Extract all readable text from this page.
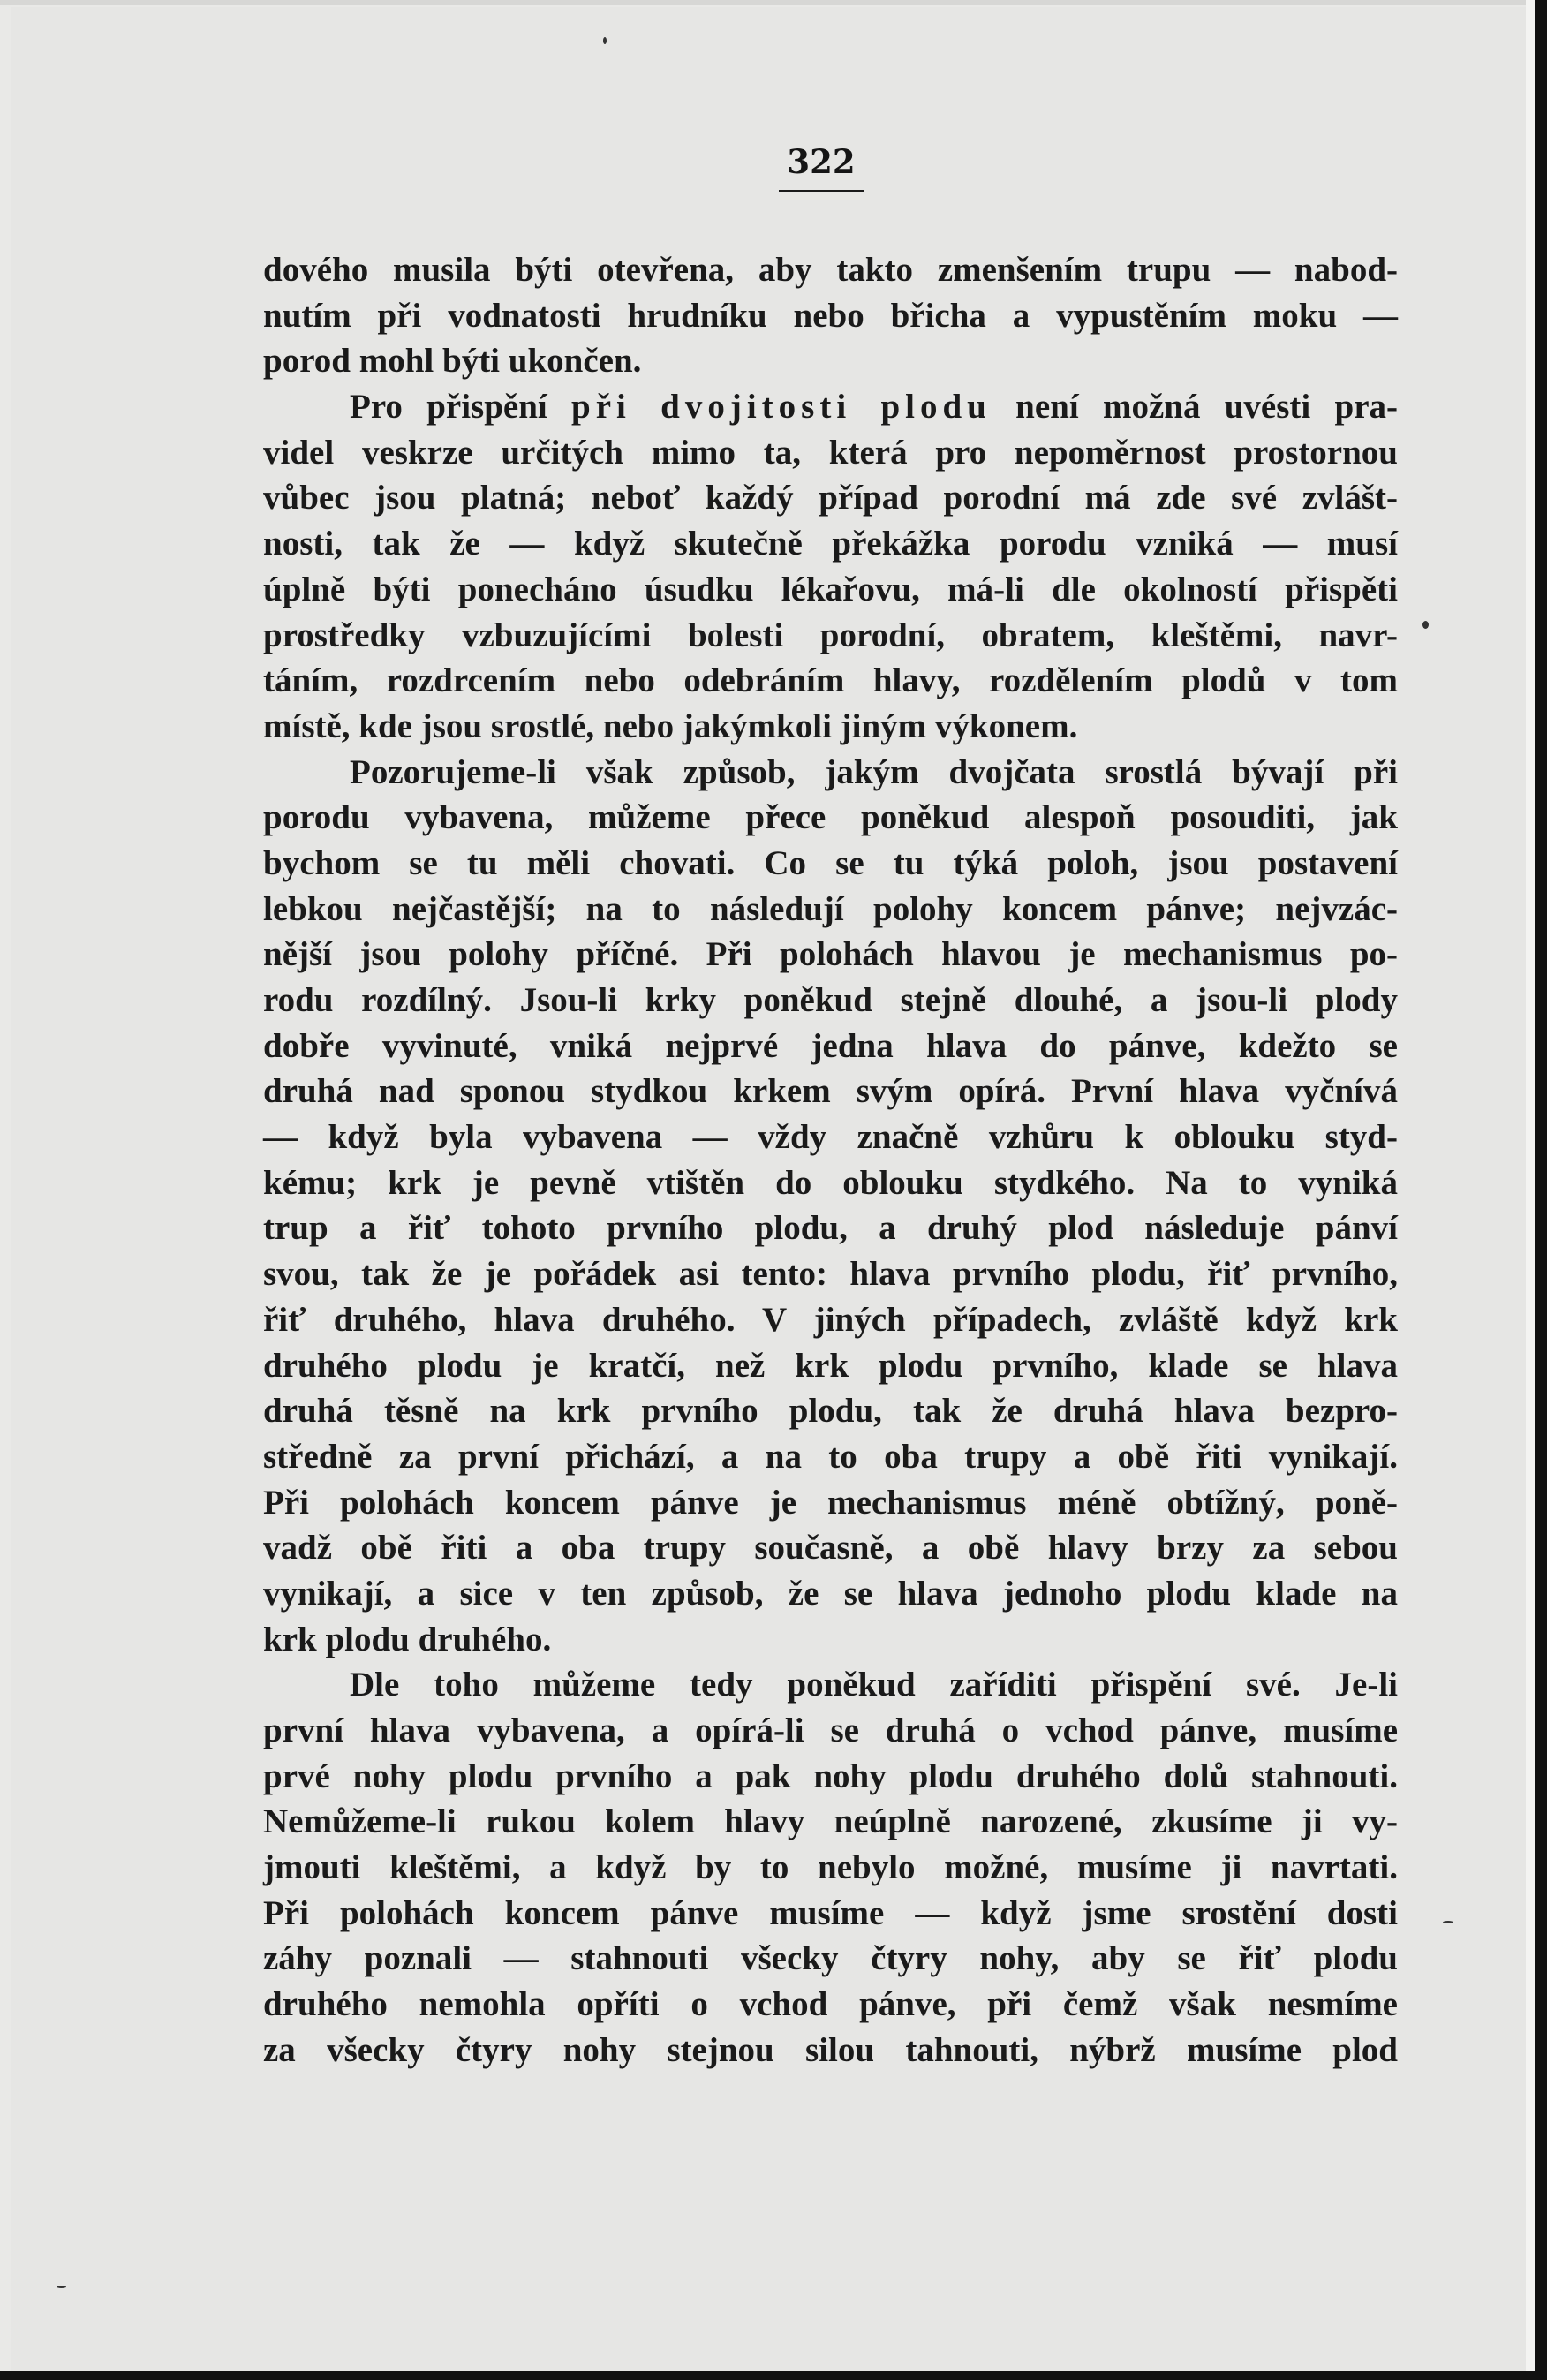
322
dového musila býti otevřena, aby takto zmenšením trupu — nabod-
nutím při vodnatosti hrudníku nebo břicha a vypustěním moku —
porod mohl býti ukončen.
Pro přispění při dvojitosti plodu není možná uvésti pra-
videl veskrze určitých mimo ta, která pro nepoměrnost prostornou
vůbec jsou platná; neboť každý případ porodní má zde své zvlášt-
nosti, tak že — když skutečně překážka porodu vzniká — musí
úplně býti ponecháno úsudku lékařovu, má-li dle okolností přispěti
prostředky vzbuzujícími bolesti porodní, obratem, kleštěmi, navr-
táním, rozdrcením nebo odebráním hlavy, rozdělením plodů v tom
místě, kde jsou srostlé, nebo jakýmkoli jiným výkonem.
Pozorujeme-li však způsob, jakým dvojčata srostlá bývají při
porodu vybavena, můžeme přece poněkud alespoň posouditi, jak
bychom se tu měli chovati. Co se tu týká poloh, jsou postavení
lebkou nejčastější; na to následují polohy koncem pánve; nejvzác-
nější jsou polohy příčné. Při polohách hlavou je mechanismus po-
rodu rozdílný. Jsou-li krky poněkud stejně dlouhé, a jsou-li plody
dobře vyvinuté, vniká nejprvé jedna hlava do pánve, kdežto se
druhá nad sponou stydkou krkem svým opírá. První hlava vyčnívá
— když byla vybavena — vždy značně vzhůru k oblouku styd-
kému; krk je pevně vtištěn do oblouku stydkého. Na to vyniká
trup a řiť tohoto prvního plodu, a druhý plod následuje pánví
svou, tak že je pořádek asi tento: hlava prvního plodu, řiť prvního,
řiť druhého, hlava druhého. V jiných případech, zvláště když krk
druhého plodu je kratčí, než krk plodu prvního, klade se hlava
druhá těsně na krk prvního plodu, tak že druhá hlava bezpro-
středně za první přichází, a na to oba trupy a obě řiti vynikají.
Při polohách koncem pánve je mechanismus méně obtížný, poně-
vadž obě řiti a oba trupy současně, a obě hlavy brzy za sebou
vynikají, a sice v ten způsob, že se hlava jednoho plodu klade na
krk plodu druhého.
Dle toho můžeme tedy poněkud zaříditi přispění své. Je-li
první hlava vybavena, a opírá-li se druhá o vchod pánve, musíme
prvé nohy plodu prvního a pak nohy plodu druhého dolů stahnouti.
Nemůžeme-li rukou kolem hlavy neúplně narozené, zkusíme ji vy-
jmouti kleštěmi, a když by to nebylo možné, musíme ji navrtati.
Při polohách koncem pánve musíme — když jsme srostění dosti
záhy poznali — stahnouti všecky čtyry nohy, aby se řiť plodu
druhého nemohla opříti o vchod pánve, při čemž však nesmíme
za všecky čtyry nohy stejnou silou tahnouti, nýbrž musíme plod
